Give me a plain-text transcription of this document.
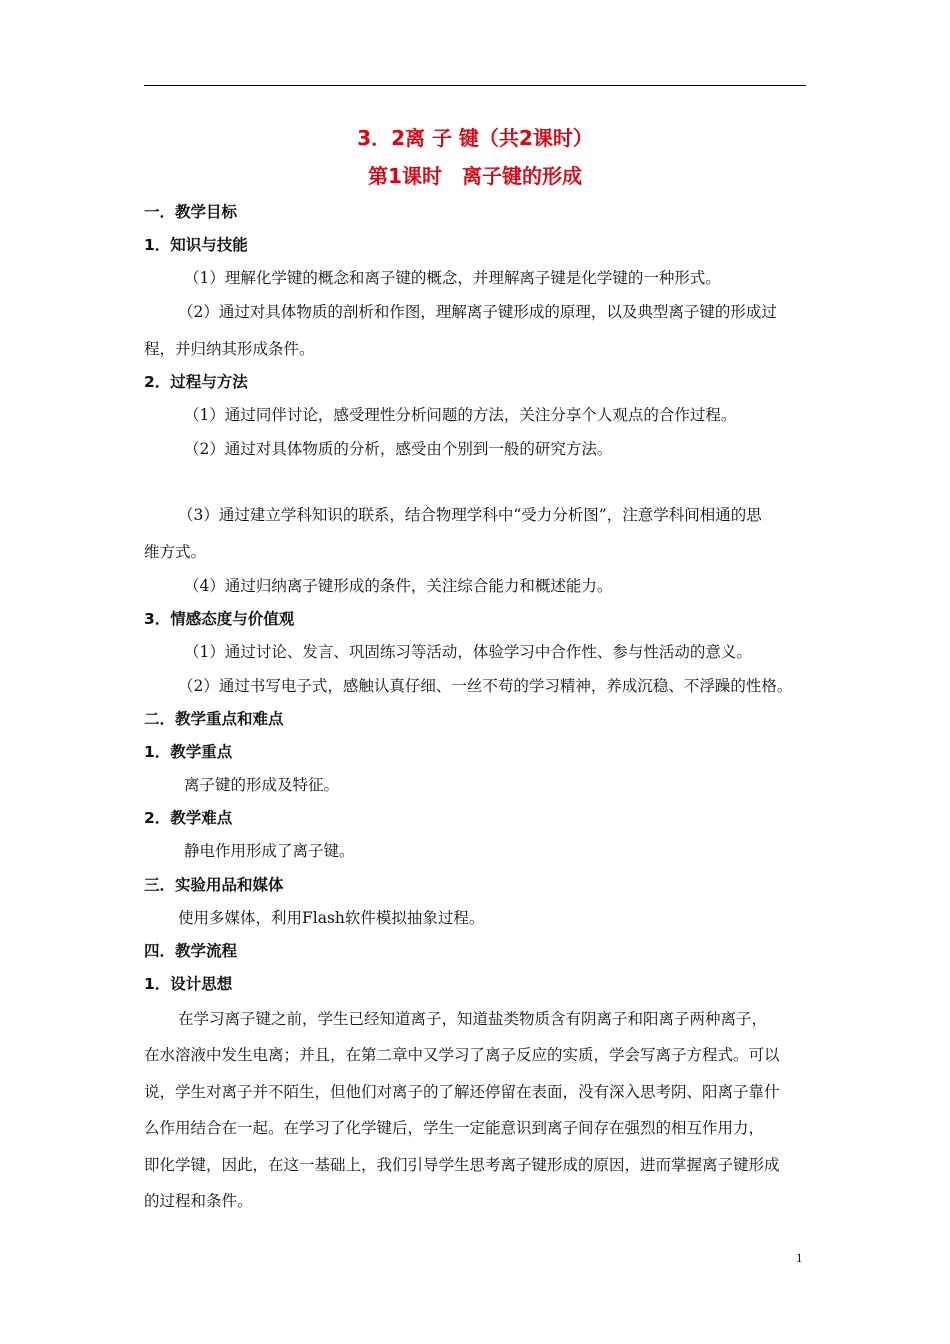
3．2离 子 键（共2课时）
第1课时　离子键的形成
一．教学目标
1．知识与技能
（1）理解化学键的概念和离子键的概念，并理解离子键是化学键的一种形式。
（2）通过对具体物质的剖析和作图，理解离子键形成的原理，以及典型离子键的形成过
程，并归纳其形成条件。
2．过程与方法
（1）通过同伴讨论，感受理性分析问题的方法，关注分享个人观点的合作过程。
（2）通过对具体物质的分析，感受由个别到一般的研究方法。
（3）通过建立学科知识的联系，结合物理学科中“受力分析图”，注意学科间相通的思
维方式。
（4）通过归纳离子键形成的条件，关注综合能力和概述能力。
3．情感态度与价值观
（1）通过讨论、发言、巩固练习等活动，体验学习中合作性、参与性活动的意义。
（2）通过书写电子式，感触认真仔细、一丝不苟的学习精神，养成沉稳、不浮躁的性格。
二．教学重点和难点
1．教学重点
离子键的形成及特征。
2．教学难点
静电作用形成了离子键。
三．实验用品和媒体
使用多媒体，利用Flash软件模拟抽象过程。
四．教学流程
1．设计思想
在学习离子键之前，学生已经知道离子，知道盐类物质含有阴离子和阳离子两种离子，
在水溶液中发生电离；并且，在第二章中又学习了离子反应的实质，学会写离子方程式。可以
说，学生对离子并不陌生，但他们对离子的了解还停留在表面，没有深入思考阴、阳离子靠什
么作用结合在一起。在学习了化学键后，学生一定能意识到离子间存在强烈的相互作用力，
即化学键，因此，在这一基础上，我们引导学生思考离子键形成的原因，进而掌握离子键形成
的过程和条件。
1
